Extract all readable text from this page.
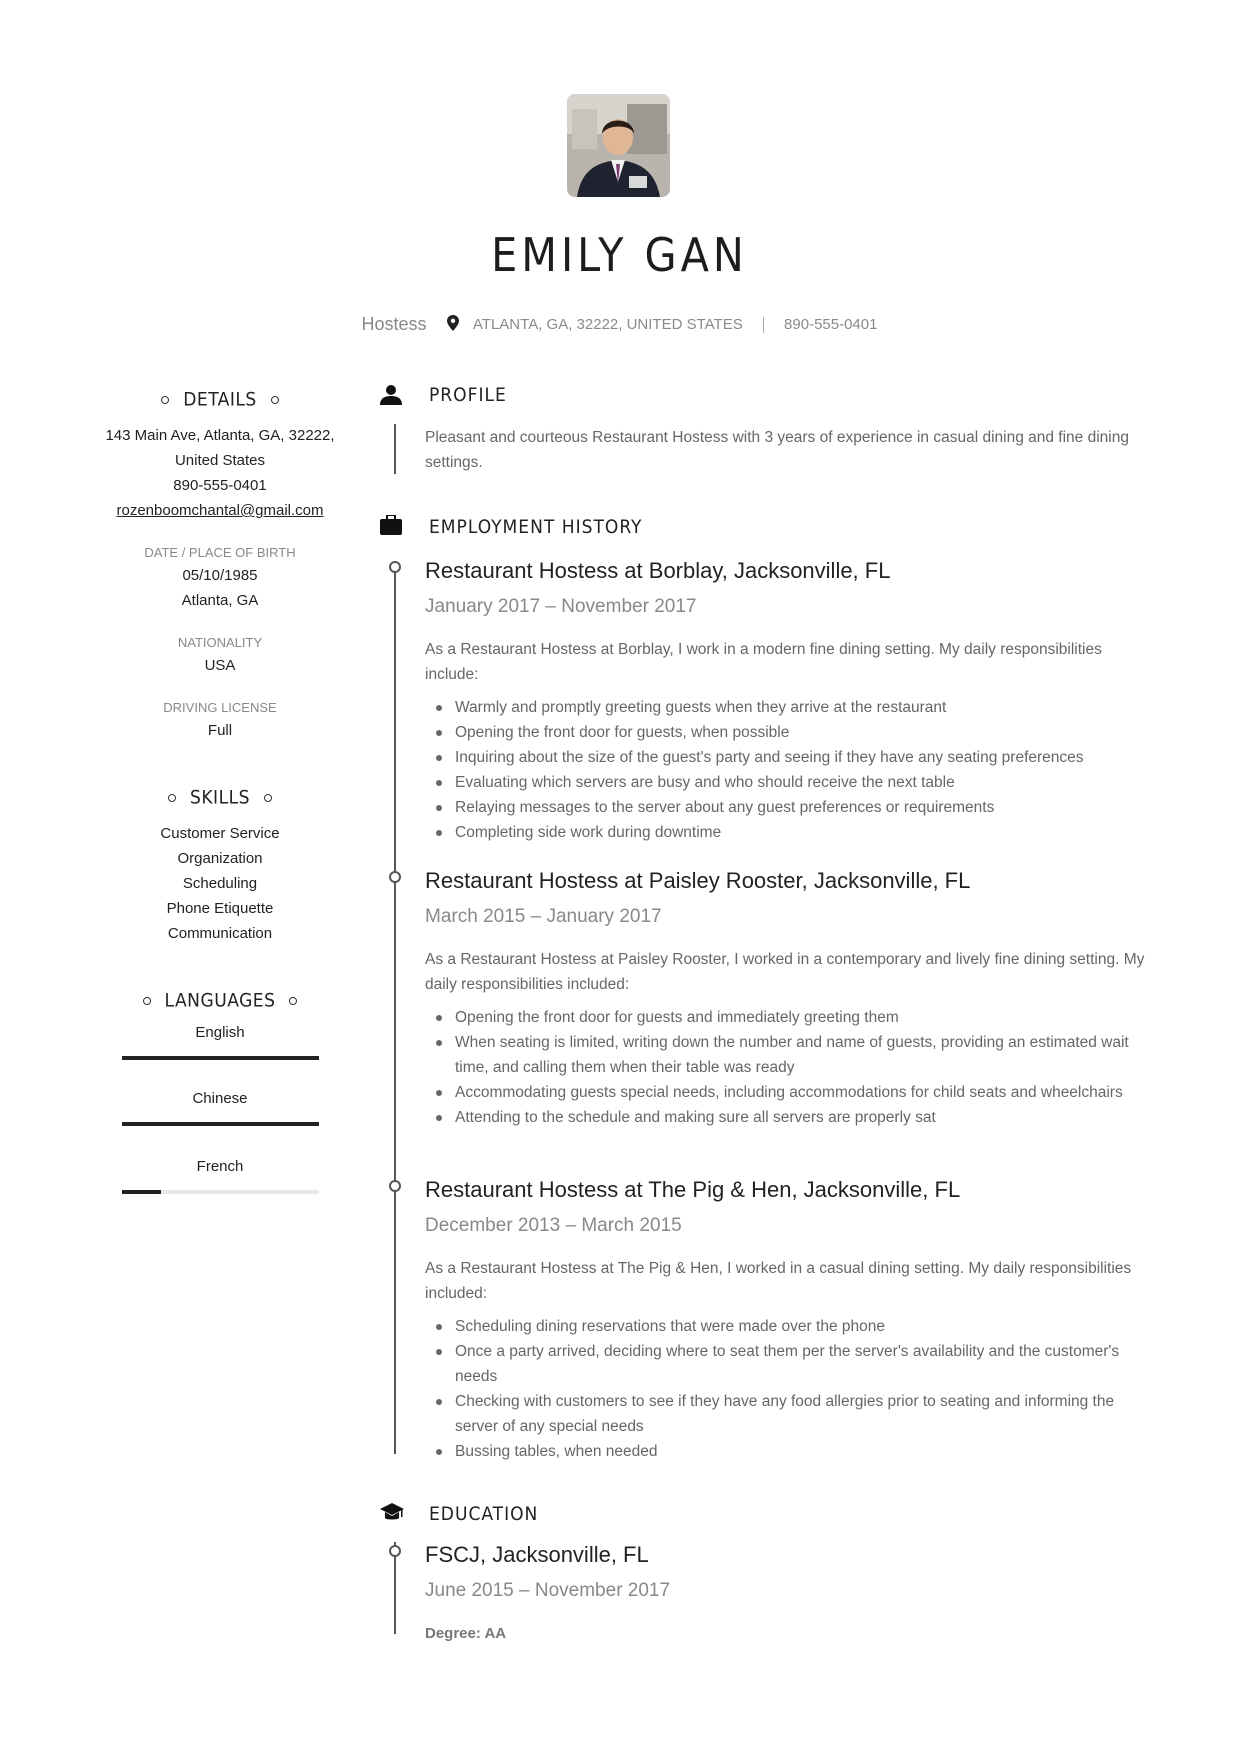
EMILY GAN
Hostess	ATLANTA, GA, 32222, UNITED STATES	890-555-0401
DETAILS
143 Main Ave, Atlanta, GA, 32222,
United States
890-555-0401
rozenboomchantal@gmail.com
DATE / PLACE OF BIRTH
05/10/1985
Atlanta, GA
NATIONALITY
USA
DRIVING LICENSE
Full
SKILLS
Customer Service
Organization
Scheduling
Phone Etiquette
Communication
LANGUAGES
English
Chinese
French
PROFILE
Pleasant and courteous Restaurant Hostess with 3 years of experience in casual dining and fine dining settings.
EMPLOYMENT HISTORY
Restaurant Hostess at Borblay, Jacksonville, FL
January 2017 – November 2017
As a Restaurant Hostess at Borblay, I work in a modern fine dining setting. My daily responsibilities include:
Warmly and promptly greeting guests when they arrive at the restaurant
Opening the front door for guests, when possible
Inquiring about the size of the guest's party and seeing if they have any seating preferences
Evaluating which servers are busy and who should receive the next table
Relaying messages to the server about any guest preferences or requirements
Completing side work during downtime
Restaurant Hostess at Paisley Rooster, Jacksonville, FL
March 2015 – January 2017
As a Restaurant Hostess at Paisley Rooster, I worked in a contemporary and lively fine dining setting. My daily responsibilities included:
Opening the front door for guests and immediately greeting them
When seating is limited, writing down the number and name of guests, providing an estimated wait time, and calling them when their table was ready
Accommodating guests special needs, including accommodations for child seats and wheelchairs
Attending to the schedule and making sure all servers are properly sat
Restaurant Hostess at The Pig & Hen, Jacksonville, FL
December 2013 – March 2015
As a Restaurant Hostess at The Pig & Hen, I worked in a casual dining setting. My daily responsibilities included:
Scheduling dining reservations that were made over the phone
Once a party arrived, deciding where to seat them per the server's availability and the customer's needs
Checking with customers to see if they have any food allergies prior to seating and informing the server of any special needs
Bussing tables, when needed
EDUCATION
FSCJ, Jacksonville, FL
June 2015 – November 2017
Degree: AA
